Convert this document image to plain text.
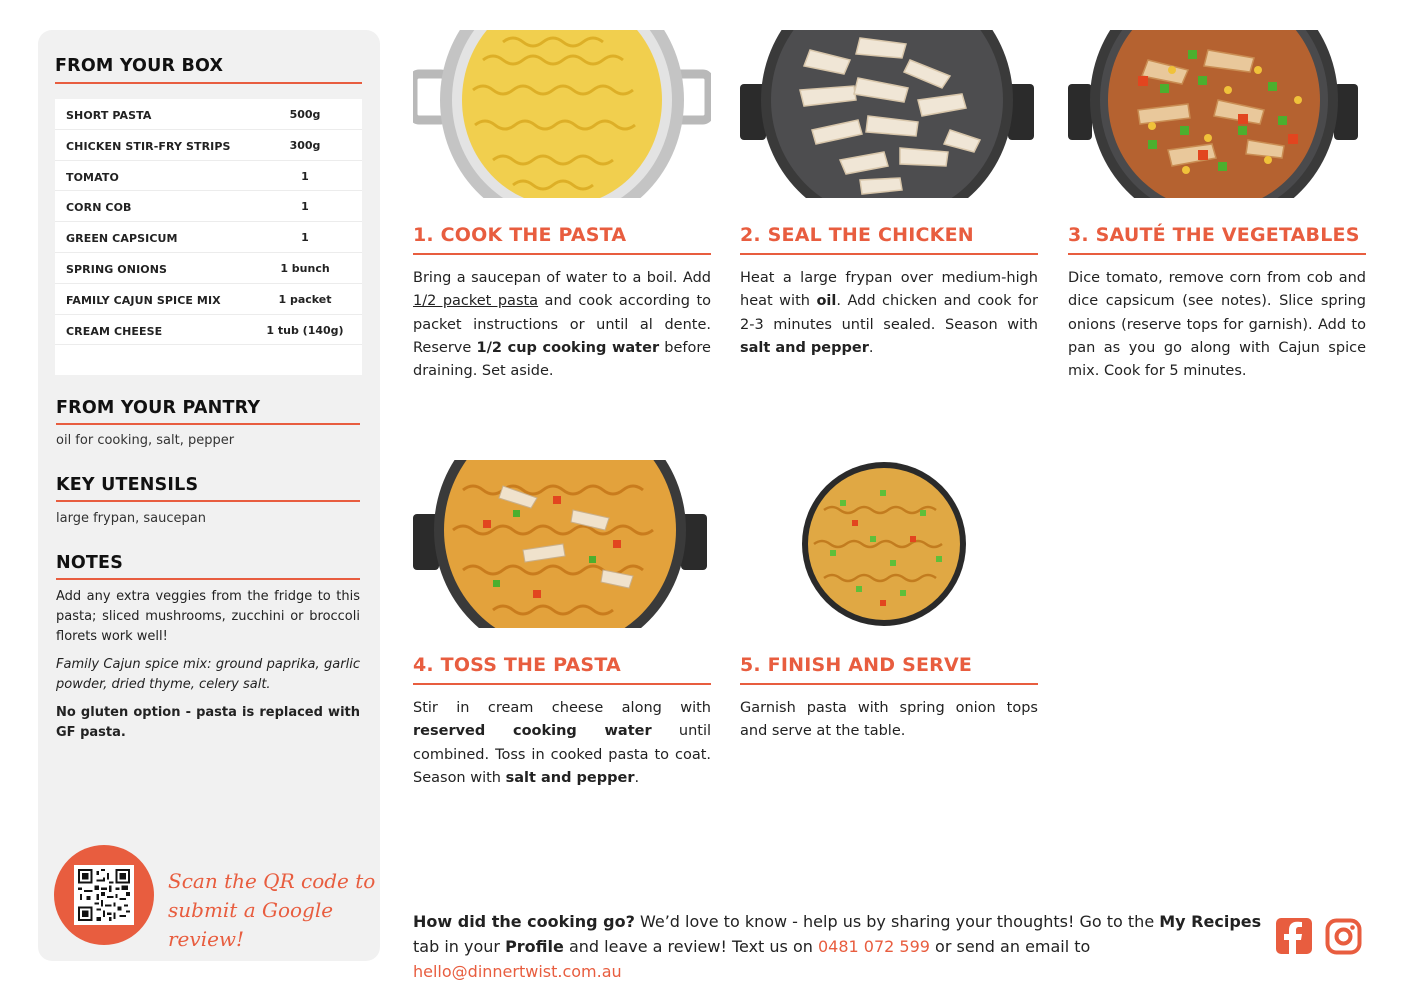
FROM YOUR BOX
SHORT PASTA	500g
CHICKEN STIR-FRY STRIPS	300g
TOMATO	1
CORN COB	1
GREEN CAPSICUM	1
SPRING ONIONS	1 bunch
FAMILY CAJUN SPICE MIX	1 packet
CREAM CHEESE	1 tub (140g)
FROM YOUR PANTRY
oil for cooking, salt, pepper
KEY UTENSILS
large frypan, saucepan
NOTES

Add any extra veggies from the fridge to this pasta; sliced mushrooms, zucchini or broccoli florets work well!

Family Cajun spice mix: ground paprika, garlic powder, dried thyme, celery salt.

No gluten option - pasta is replaced with GF pasta.

Scan the QR code to
submit a Google review!
1. COOK THE PASTA
Bring a saucepan of water to a boil. Add 1/2 packet pasta and cook according to packet instructions or until al dente. Reserve 1/2 cup cooking water before draining. Set aside.
2. SEAL THE CHICKEN
Heat a large frypan over medium-high heat with oil. Add chicken and cook for 2-3 minutes until sealed. Season with salt and pepper.
3. SAUTÉ THE VEGETABLES
Dice tomato, remove corn from cob and dice capsicum (see notes). Slice spring onions (reserve tops for garnish). Add to pan as you go along with Cajun spice mix. Cook for 5 minutes.
4. TOSS THE PASTA
Stir in cream cheese along with reserved cooking water until combined. Toss in cooked pasta to coat. Season with salt and pepper.
5. FINISH AND SERVE
Garnish pasta with spring onion tops and serve at the table.
How did the cooking go? We’d love to know - help us by sharing your thoughts! Go to the My Recipes tab in your Profile and leave a review! Text us on 0481 072 599 or send an email to hello@dinnertwist.com.au
